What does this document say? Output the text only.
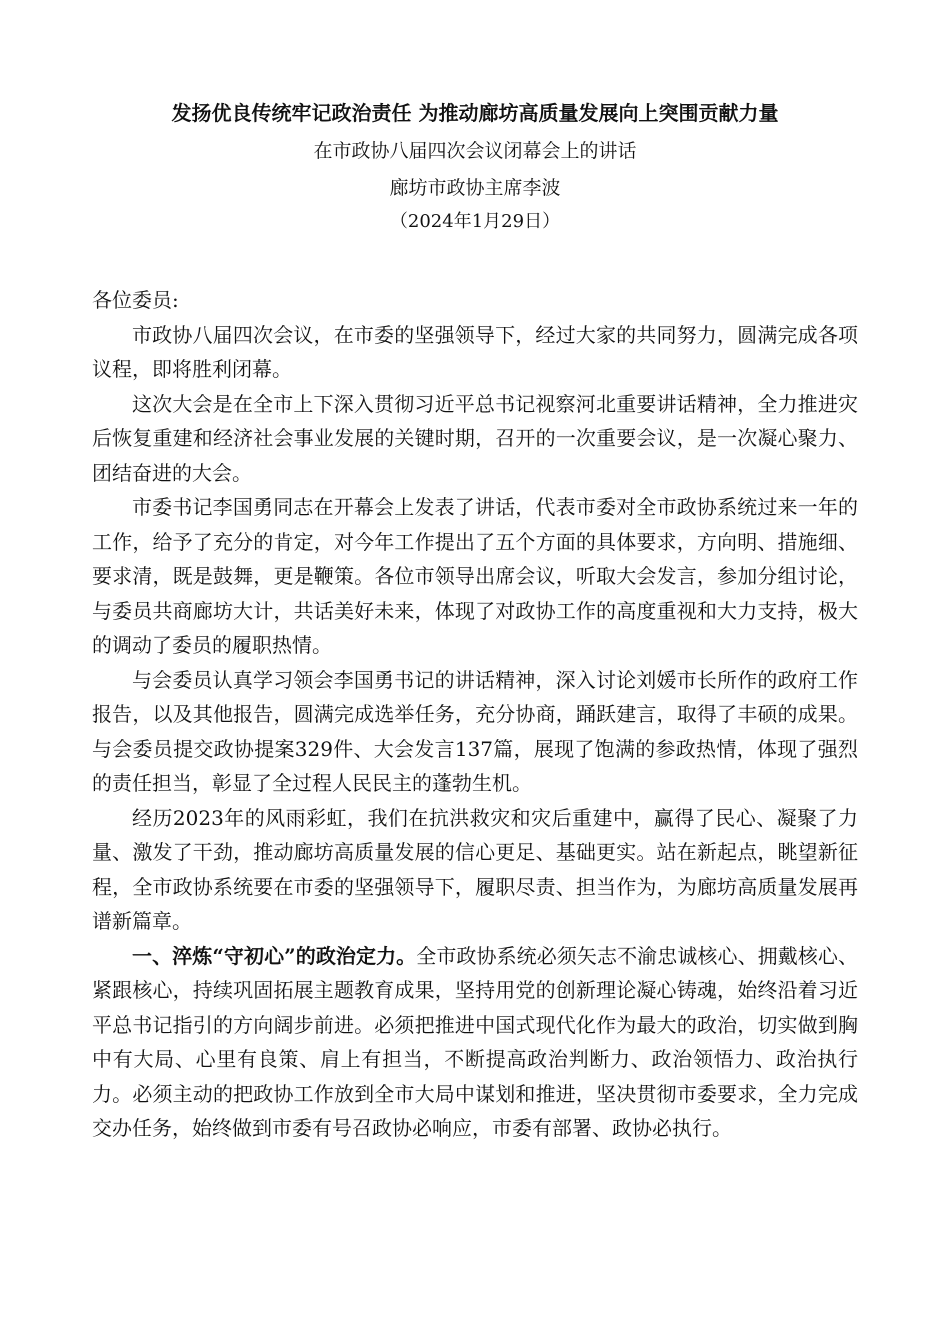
发扬优良传统牢记政治责任 为推动廊坊高质量发展向上突围贡献力量
在市政协八届四次会议闭幕会上的讲话
廊坊市政协主席李波
（2024年1月29日）

各位委员:

市政协八届四次会议，在市委的坚强领导下，经过大家的共同努力，圆满完成各项议程，即将胜利闭幕。

这次大会是在全市上下深入贯彻习近平总书记视察河北重要讲话精神，全力推进灾后恢复重建和经济社会事业发展的关键时期，召开的一次重要会议，是一次凝心聚力、团结奋进的大会。

市委书记李国勇同志在开幕会上发表了讲话，代表市委对全市政协系统过来一年的工作，给予了充分的肯定，对今年工作提出了五个方面的具体要求，方向明、措施细、要求清，既是鼓舞，更是鞭策。各位市领导出席会议，听取大会发言，参加分组讨论，与委员共商廊坊大计，共话美好未来，体现了对政协工作的高度重视和大力支持，极大的调动了委员的履职热情。

与会委员认真学习领会李国勇书记的讲话精神，深入讨论刘媛市长所作的政府工作报告，以及其他报告，圆满完成选举任务，充分协商，踊跃建言，取得了丰硕的成果。与会委员提交政协提案329件、大会发言137篇，展现了饱满的参政热情，体现了强烈的责任担当，彰显了全过程人民民主的蓬勃生机。

经历2023年的风雨彩虹，我们在抗洪救灾和灾后重建中，赢得了民心、凝聚了力量、激发了干劲，推动廊坊高质量发展的信心更足、基础更实。站在新起点，眺望新征程，全市政协系统要在市委的坚强领导下，履职尽责、担当作为，为廊坊高质量发展再谱新篇章。

一、淬炼“守初心”的政治定力。全市政协系统必须矢志不渝忠诚核心、拥戴核心、紧跟核心，持续巩固拓展主题教育成果，坚持用党的创新理论凝心铸魂，始终沿着习近平总书记指引的方向阔步前进。必须把推进中国式现代化作为最大的政治，切实做到胸中有大局、心里有良策、肩上有担当，不断提高政治判断力、政治领悟力、政治执行力。必须主动的把政协工作放到全市大局中谋划和推进，坚决贯彻市委要求，全力完成交办任务，始终做到市委有号召政协必响应，市委有部署、政协必执行。
